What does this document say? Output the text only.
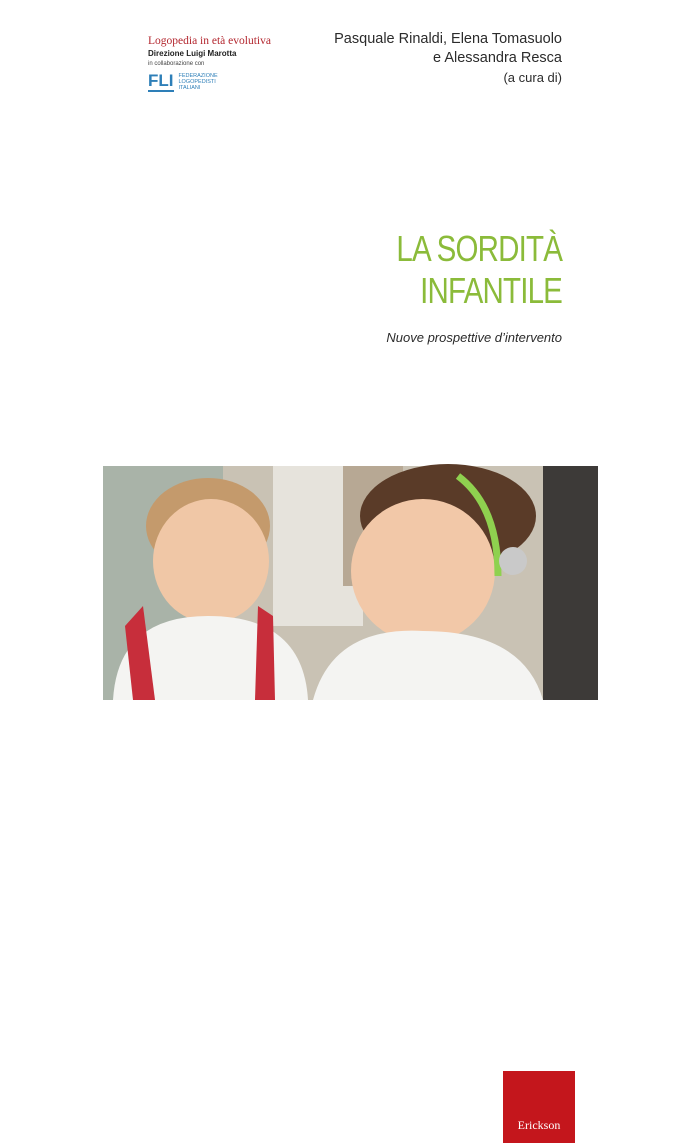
Logopedia in età evolutiva
Direzione Luigi Marotta
in collaborazione con
FLI FEDERAZIONE
LOGOPEDISTI
ITALIANI
Pasquale Rinaldi, Elena Tomasuolo
e Alessandra Resca
(a cura di)
LA SORDITÀ
INFANTILE
Nuove prospettive d’intervento
Erickson
